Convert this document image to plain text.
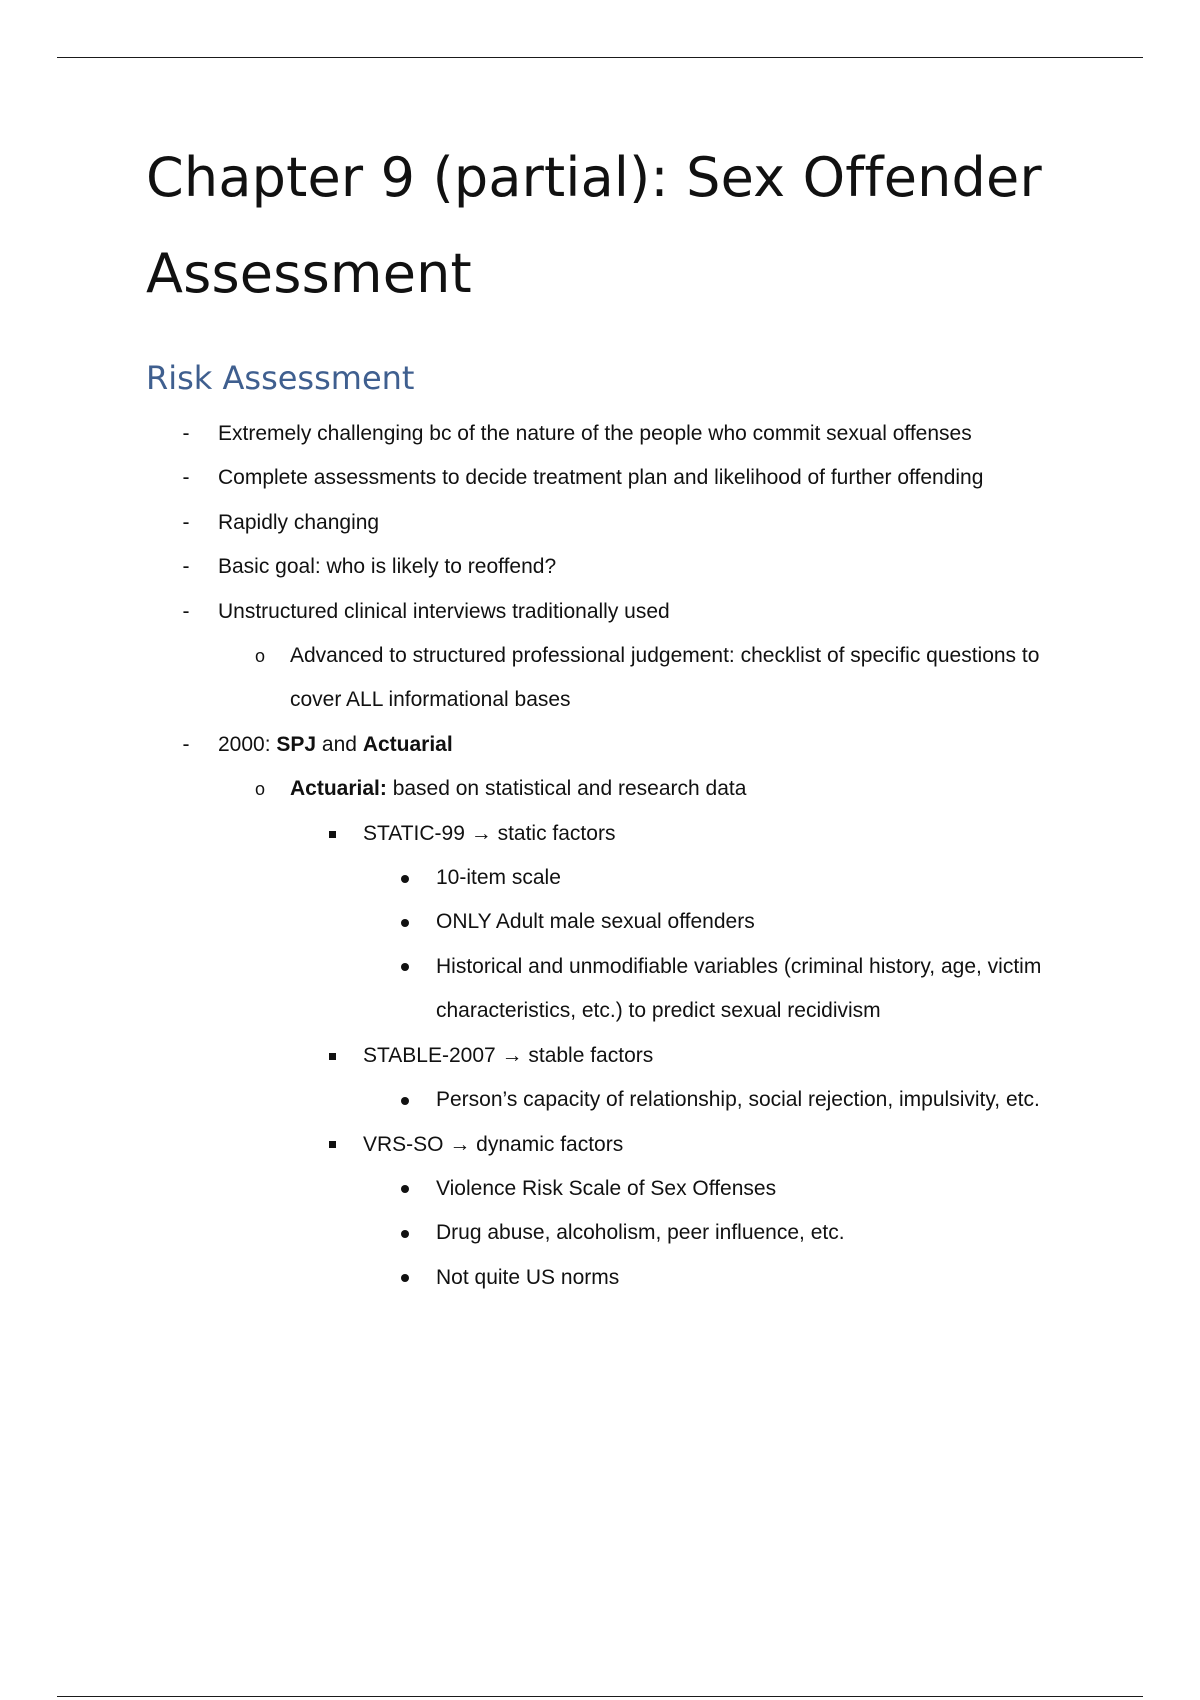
Chapter 9 (partial): Sex Offender Assessment
Risk Assessment
-	Extremely challenging bc of the nature of the people who commit sexual offenses
-	Complete assessments to decide treatment plan and likelihood of further offending
-	Rapidly changing
-	Basic goal: who is likely to reoffend?
-	Unstructured clinical interviews traditionally used
o Advanced to structured professional judgement: checklist of specific questions to
cover ALL informational bases
-	2000: SPJ and Actuarial
o Actuarial: based on statistical and research data
STATIC-99 → static factors
10-item scale
ONLY Adult male sexual offenders
Historical and unmodifiable variables (criminal history, age, victim
characteristics, etc.) to predict sexual recidivism
STABLE-2007 → stable factors
Person’s capacity of relationship, social rejection, impulsivity, etc.
VRS-SO → dynamic factors
Violence Risk Scale of Sex Offenses
Drug abuse, alcoholism, peer influence, etc.
Not quite US norms
